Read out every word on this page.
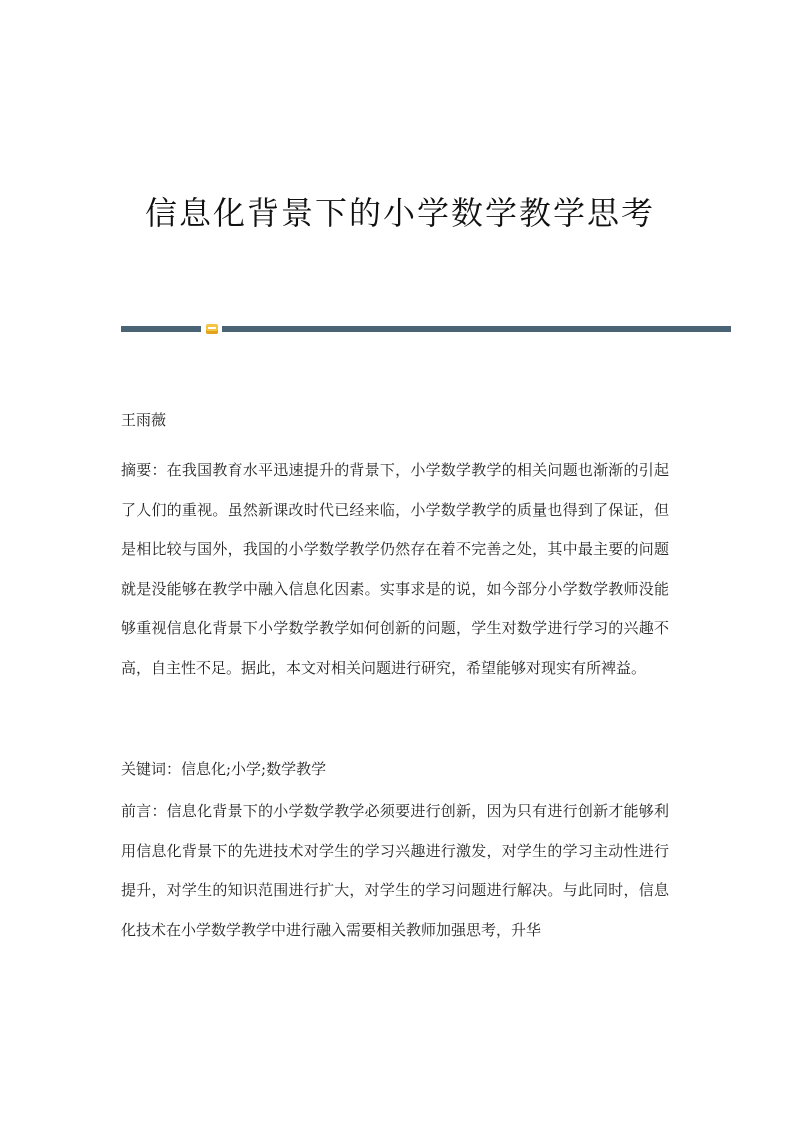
信息化背景下的小学数学教学思考
王雨薇
摘要：在我国教育水平迅速提升的背景下，小学数学教学的相关问题也渐渐的引起了人们的重视。虽然新课改时代已经来临，小学数学教学的质量也得到了保证，但是相比较与国外，我国的小学数学教学仍然存在着不完善之处，其中最主要的问题就是没能够在教学中融入信息化因素。实事求是的说，如今部分小学数学教师没能够重视信息化背景下小学数学教学如何创新的问题，学生对数学进行学习的兴趣不高，自主性不足。据此，本文对相关问题进行研究，希望能够对现实有所裨益。
关键词：信息化;小学;数学教学
前言：信息化背景下的小学数学教学必须要进行创新，因为只有进行创新才能够利用信息化背景下的先进技术对学生的学习兴趣进行激发，对学生的学习主动性进行提升，对学生的知识范围进行扩大，对学生的学习问题进行解决。与此同时，信息化技术在小学数学教学中进行融入需要相关教师加强思考，升华
